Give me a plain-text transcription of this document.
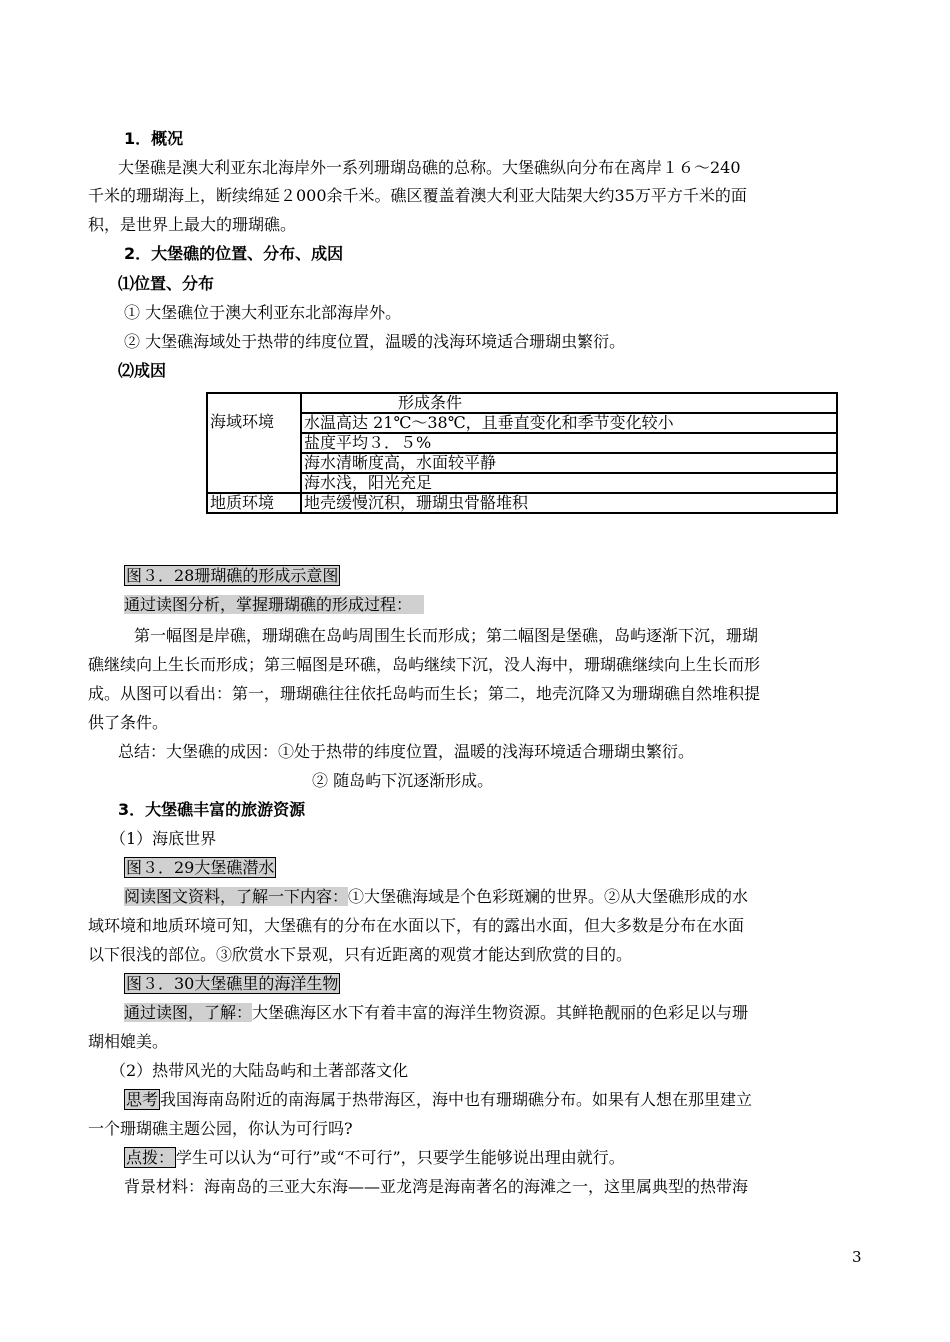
1．概况
大堡礁是澳大利亚东北海岸外一系列珊瑚岛礁的总称。大堡礁纵向分布在离岸１６～240
千米的珊瑚海上，断续绵延２000余千米。礁区覆盖着澳大利亚大陆架大约35万平方千米的面
积，是世界上最大的珊瑚礁。
2．大堡礁的位置、分布、成因
⑴位置、分布
① 大堡礁位于澳大利亚东北部海岸外。
② 大堡礁海域处于热带的纬度位置，温暖的浅海环境适合珊瑚虫繁衍。
⑵成因
	形成条件
海域环境	水温高达 21℃～38℃，且垂直变化和季节变化较小
	盐度平均３．５%
	海水清晰度高，水面较平静
	海水浅，阳光充足
地质环境	地壳缓慢沉积，珊瑚虫骨骼堆积
图３．28珊瑚礁的形成示意图
通过读图分析，掌握珊瑚礁的形成过程：
第一幅图是岸礁，珊瑚礁在岛屿周围生长而形成；第二幅图是堡礁，岛屿逐渐下沉，珊瑚
礁继续向上生长而形成；第三幅图是环礁，岛屿继续下沉，没人海中，珊瑚礁继续向上生长而形
成。从图可以看出：第一，珊瑚礁往往依托岛屿而生长；第二，地壳沉降又为珊瑚礁自然堆积提
供了条件。
总结：大堡礁的成因：①处于热带的纬度位置，温暖的浅海环境适合珊瑚虫繁衍。
② 随岛屿下沉逐渐形成。
3．大堡礁丰富的旅游资源
（1）海底世界
图３．29大堡礁潜水
阅读图文资料，了解一下内容：①大堡礁海域是个色彩斑斓的世界。②从大堡礁形成的水
域环境和地质环境可知，大堡礁有的分布在水面以下，有的露出水面，但大多数是分布在水面
以下很浅的部位。③欣赏水下景观，只有近距离的观赏才能达到欣赏的目的。
图３．30大堡礁里的海洋生物
通过读图，了解：大堡礁海区水下有着丰富的海洋生物资源。其鲜艳靓丽的色彩足以与珊
瑚相媲美。
（2）热带风光的大陆岛屿和土著部落文化
思考 我国海南岛附近的南海属于热带海区，海中也有珊瑚礁分布。如果有人想在那里建立
一个珊瑚礁主题公园，你认为可行吗?
点拨： 学生可以认为“可行”或“不可行”，只要学生能够说出理由就行。
背景材料：海南岛的三亚大东海——亚龙湾是海南著名的海滩之一，这里属典型的热带海
3
